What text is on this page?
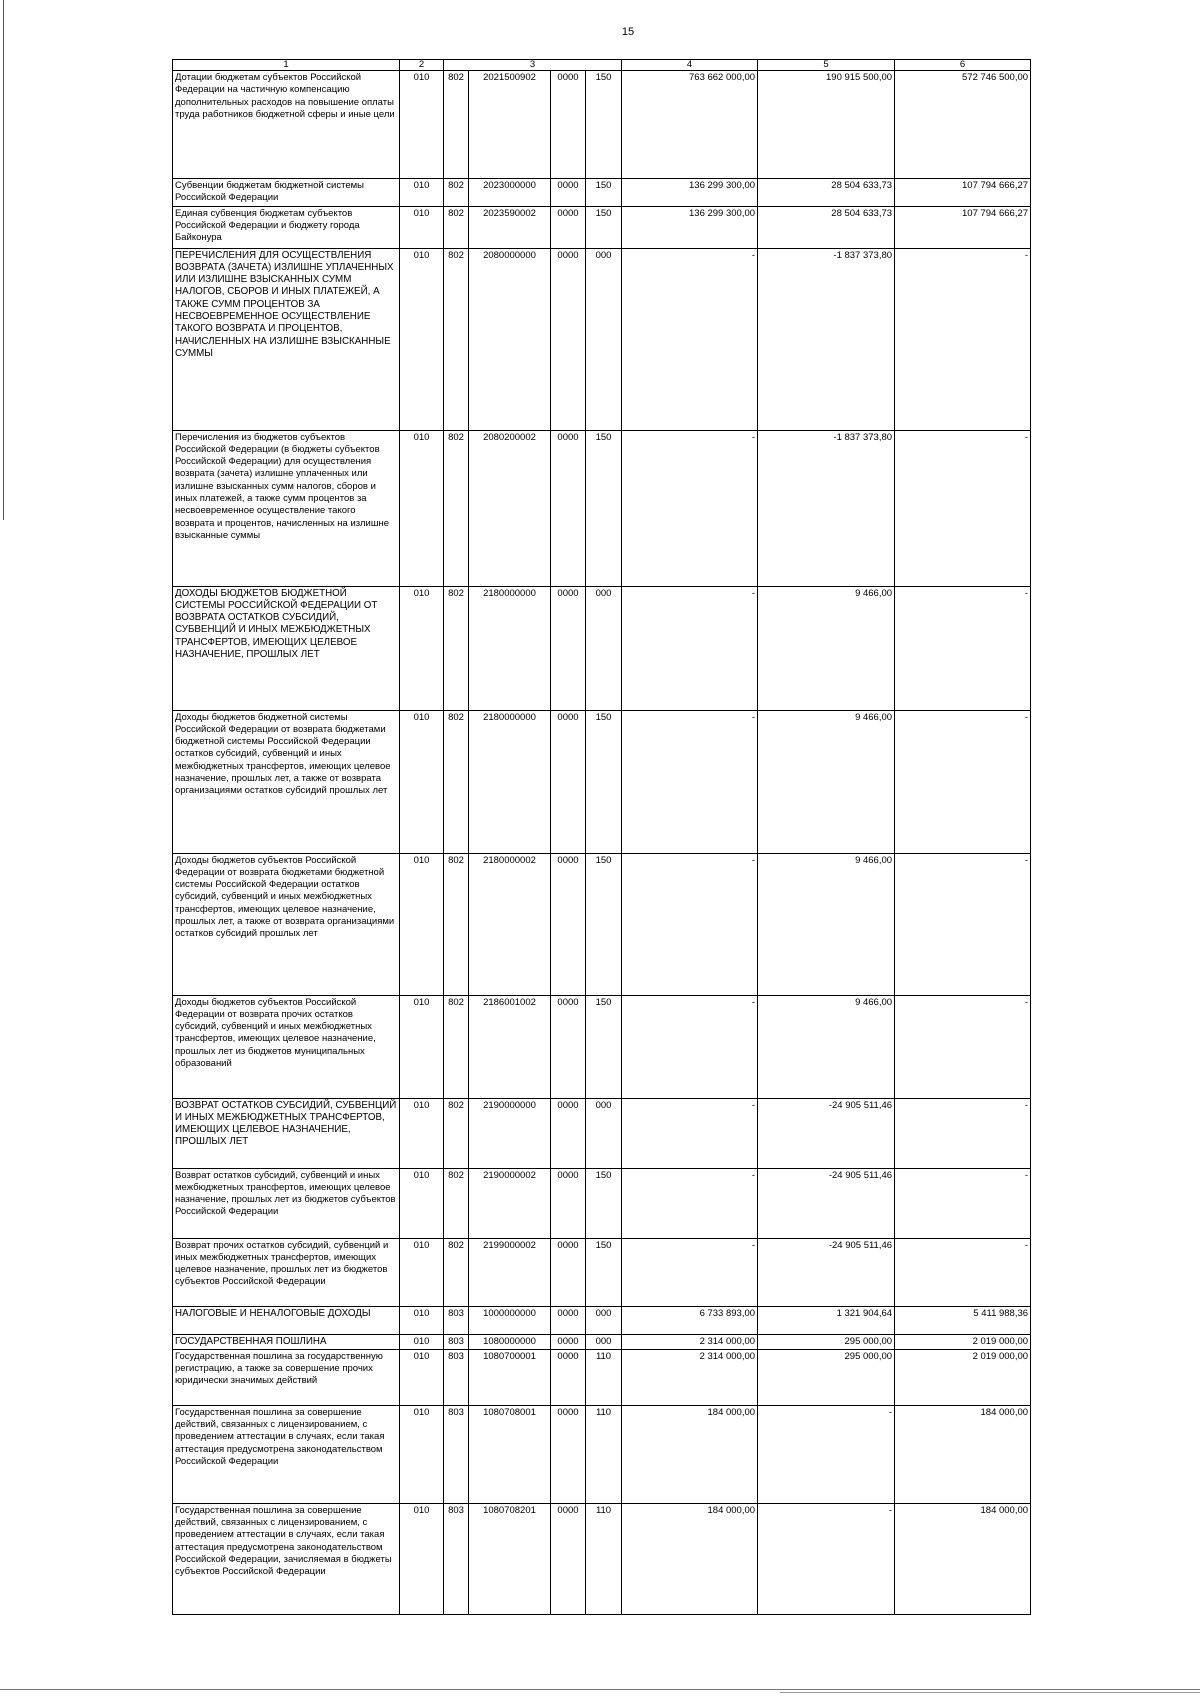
15
1	2	3				4	5	6
Дотации бюджетам субъектов Российской Федерации на частичную компенсацию дополнительных расходов на повышение оплаты труда работников бюджетной сферы и иные цели	010	802	2021500902	0000	150	763 662 000,00	190 915 500,00	572 746 500,00
Субвенции бюджетам бюджетной системы Российской Федерации	010	802	2023000000	0000	150	136 299 300,00	28 504 633,73	107 794 666,27
Единая субвенция бюджетам субъектов Российской Федерации и бюджету города Байконура	010	802	2023590002	0000	150	136 299 300,00	28 504 633,73	107 794 666,27
ПЕРЕЧИСЛЕНИЯ ДЛЯ ОСУЩЕСТВЛЕНИЯ ВОЗВРАТА (ЗАЧЕТА) ИЗЛИШНЕ УПЛАЧЕННЫХ ИЛИ ИЗЛИШНЕ ВЗЫСКАННЫХ СУММ НАЛОГОВ, СБОРОВ И ИНЫХ ПЛАТЕЖЕЙ, А ТАКЖЕ СУММ ПРОЦЕНТОВ ЗА НЕСВОЕВРЕМЕННОЕ ОСУЩЕСТВЛЕНИЕ ТАКОГО ВОЗВРАТА И ПРОЦЕНТОВ, НАЧИСЛЕННЫХ НА ИЗЛИШНЕ ВЗЫСКАННЫЕ СУММЫ	010	802	2080000000	0000	000	-	-1 837 373,80	-
Перечисления из бюджетов субъектов Российской Федерации (в бюджеты субъектов Российской Федерации) для осуществления возврата (зачета) излишне уплаченных или излишне взысканных сумм налогов, сборов и иных платежей, а также сумм процентов за несвоевременное осуществление такого возврата и процентов, начисленных на излишне взысканные суммы	010	802	2080200002	0000	150	-	-1 837 373,80	-
ДОХОДЫ БЮДЖЕТОВ БЮДЖЕТНОЙ СИСТЕМЫ РОССИЙСКОЙ ФЕДЕРАЦИИ ОТ ВОЗВРАТА ОСТАТКОВ СУБСИДИЙ, СУБВЕНЦИЙ И ИНЫХ МЕЖБЮДЖЕТНЫХ ТРАНСФЕРТОВ, ИМЕЮЩИХ ЦЕЛЕВОЕ НАЗНАЧЕНИЕ, ПРОШЛЫХ ЛЕТ	010	802	2180000000	0000	000	-	9 466,00	-
Доходы бюджетов бюджетной системы Российской Федерации от возврата бюджетами бюджетной системы Российской Федерации остатков субсидий, субвенций и иных межбюджетных трансфертов, имеющих целевое назначение, прошлых лет, а также от возврата организациями остатков субсидий прошлых лет	010	802	2180000000	0000	150	-	9 466,00	-
Доходы бюджетов субъектов Российской Федерации от возврата бюджетами бюджетной системы Российской Федерации остатков субсидий, субвенций и иных межбюджетных трансфертов, имеющих целевое назначение, прошлых лет, а также от возврата организациями остатков субсидий прошлых лет	010	802	2180000002	0000	150	-	9 466,00	-
Доходы бюджетов субъектов Российской Федерации от возврата прочих остатков субсидий, субвенций и иных межбюджетных трансфертов, имеющих целевое назначение, прошлых лет из бюджетов муниципальных образований	010	802	2186001002	0000	150	-	9 466,00	-
ВОЗВРАТ ОСТАТКОВ СУБСИДИЙ, СУБВЕНЦИЙ И ИНЫХ МЕЖБЮДЖЕТНЫХ ТРАНСФЕРТОВ, ИМЕЮЩИХ ЦЕЛЕВОЕ НАЗНАЧЕНИЕ, ПРОШЛЫХ ЛЕТ	010	802	2190000000	0000	000	-	-24 905 511,46	-
Возврат остатков субсидий, субвенций и иных межбюджетных трансфертов, имеющих целевое назначение, прошлых лет из бюджетов субъектов Российской Федерации	010	802	2190000002	0000	150	-	-24 905 511,46	-
Возврат прочих остатков субсидий, субвенций и иных межбюджетных трансфертов, имеющих целевое назначение, прошлых лет из бюджетов субъектов Российской Федерации	010	802	2199000002	0000	150	-	-24 905 511,46	-
НАЛОГОВЫЕ И НЕНАЛОГОВЫЕ ДОХОДЫ	010	803	1000000000	0000	000	6 733 893,00	1 321 904,64	5 411 988,36
ГОСУДАРСТВЕННАЯ ПОШЛИНА	010	803	1080000000	0000	000	2 314 000,00	295 000,00	2 019 000,00
Государственная пошлина за государственную регистрацию, а также за совершение прочих юридически значимых действий	010	803	1080700001	0000	110	2 314 000,00	295 000,00	2 019 000,00
Государственная пошлина за совершение действий, связанных с лицензированием, с проведением аттестации в случаях, если такая аттестация предусмотрена законодательством Российской Федерации	010	803	1080708001	0000	110	184 000,00	-	184 000,00
Государственная пошлина за совершение действий, связанных с лицензированием, с проведением аттестации в случаях, если такая аттестация предусмотрена законодательством Российской Федерации, зачисляемая в бюджеты субъектов Российской Федерации	010	803	1080708201	0000	110	184 000,00	-	184 000,00
